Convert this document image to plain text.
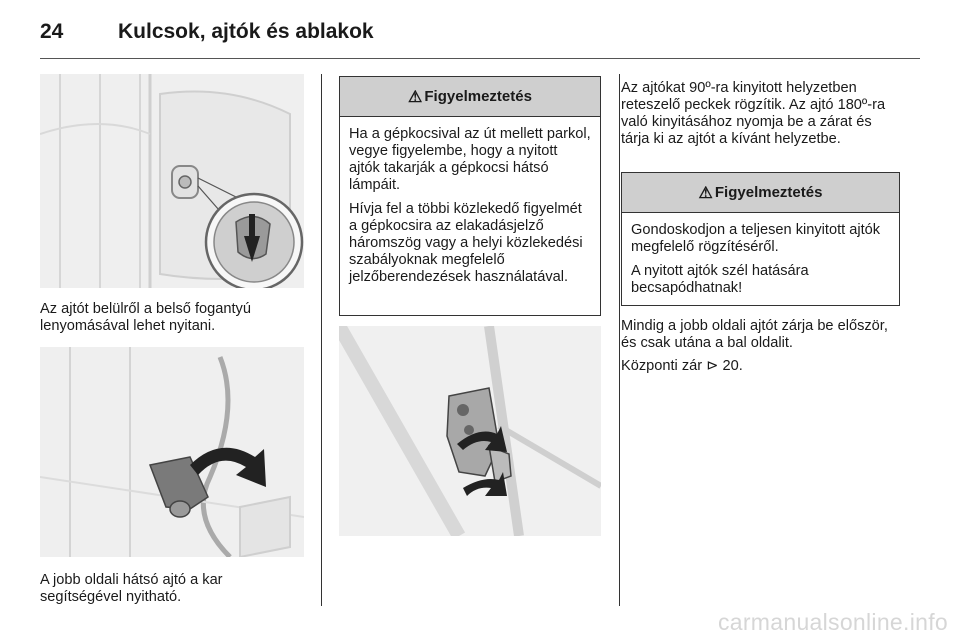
24	Kulcsok, ajtók és ablakok

Az ajtót belülről a belső fogantyú lenyomásával lehet nyitani.

A jobb oldali hátsó ajtó a kar segítségével nyitható.

⚠ Figyelmeztetés

Ha a gépkocsival az út mellett parkol, vegye figyelembe, hogy a nyitott ajtók takarják a gépkocsi hátsó lámpáit.

Hívja fel a többi közlekedő figyelmét a gépkocsira az elakadásjelző háromszög vagy a helyi közlekedési szabályoknak megfelelő jelzőberendezések használatával.

Az ajtókat 90º-ra kinyitott helyzetben reteszelő peckek rögzítik. Az ajtó 180º-ra való kinyitásához nyomja be a zárat és tárja ki az ajtót a kívánt helyzetbe.

⚠ Figyelmeztetés

Gondoskodjon a teljesen kinyitott ajtók megfelelő rögzítéséről.

A nyitott ajtók szél hatására becsapódhatnak!

Mindig a jobb oldali ajtót zárja be először, és csak utána a bal oldalit.

Központi zár ⊳ 20.

carmanualsonline.info
